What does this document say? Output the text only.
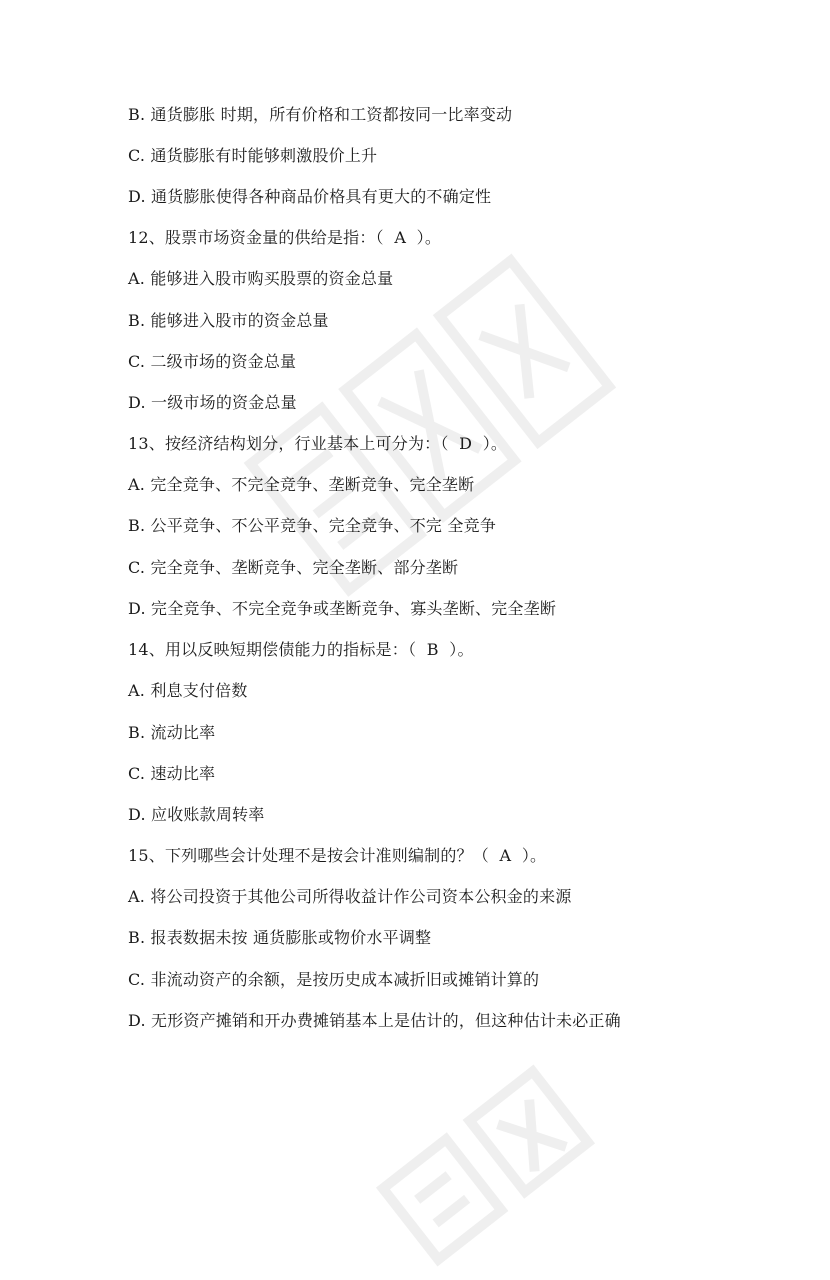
B. 通货膨胀 时期，所有价格和工资都按同一比率变动
C. 通货膨胀有时能够刺激股价上升
D. 通货膨胀使得各种商品价格具有更大的不确定性
12、股票市场资金量的供给是指：（  A  ）。
A. 能够进入股市购买股票的资金总量
B. 能够进入股市的资金总量
C. 二级市场的资金总量
D. 一级市场的资金总量
13、按经济结构划分，行业基本上可分为：（  D  ）。
A. 完全竞争、不完全竞争、垄断竞争、完全垄断
B. 公平竞争、不公平竞争、完全竞争、不完 全竞争
C. 完全竞争、垄断竞争、完全垄断、部分垄断
D. 完全竞争、不完全竞争或垄断竞争、寡头垄断、完全垄断
14、用以反映短期偿债能力的指标是：（  B  ）。
A. 利息支付倍数
B. 流动比率
C. 速动比率
D. 应收账款周转率
15、下列哪些会计处理不是按会计准则编制的？（  A  ）。
A. 将公司投资于其他公司所得收益计作公司资本公积金的来源
B. 报表数据未按 通货膨胀或物价水平调整
C. 非流动资产的余额，是按历史成本减折旧或摊销计算的
D. 无形资产摊销和开办费摊销基本上是估计的，但这种估计未必正确
